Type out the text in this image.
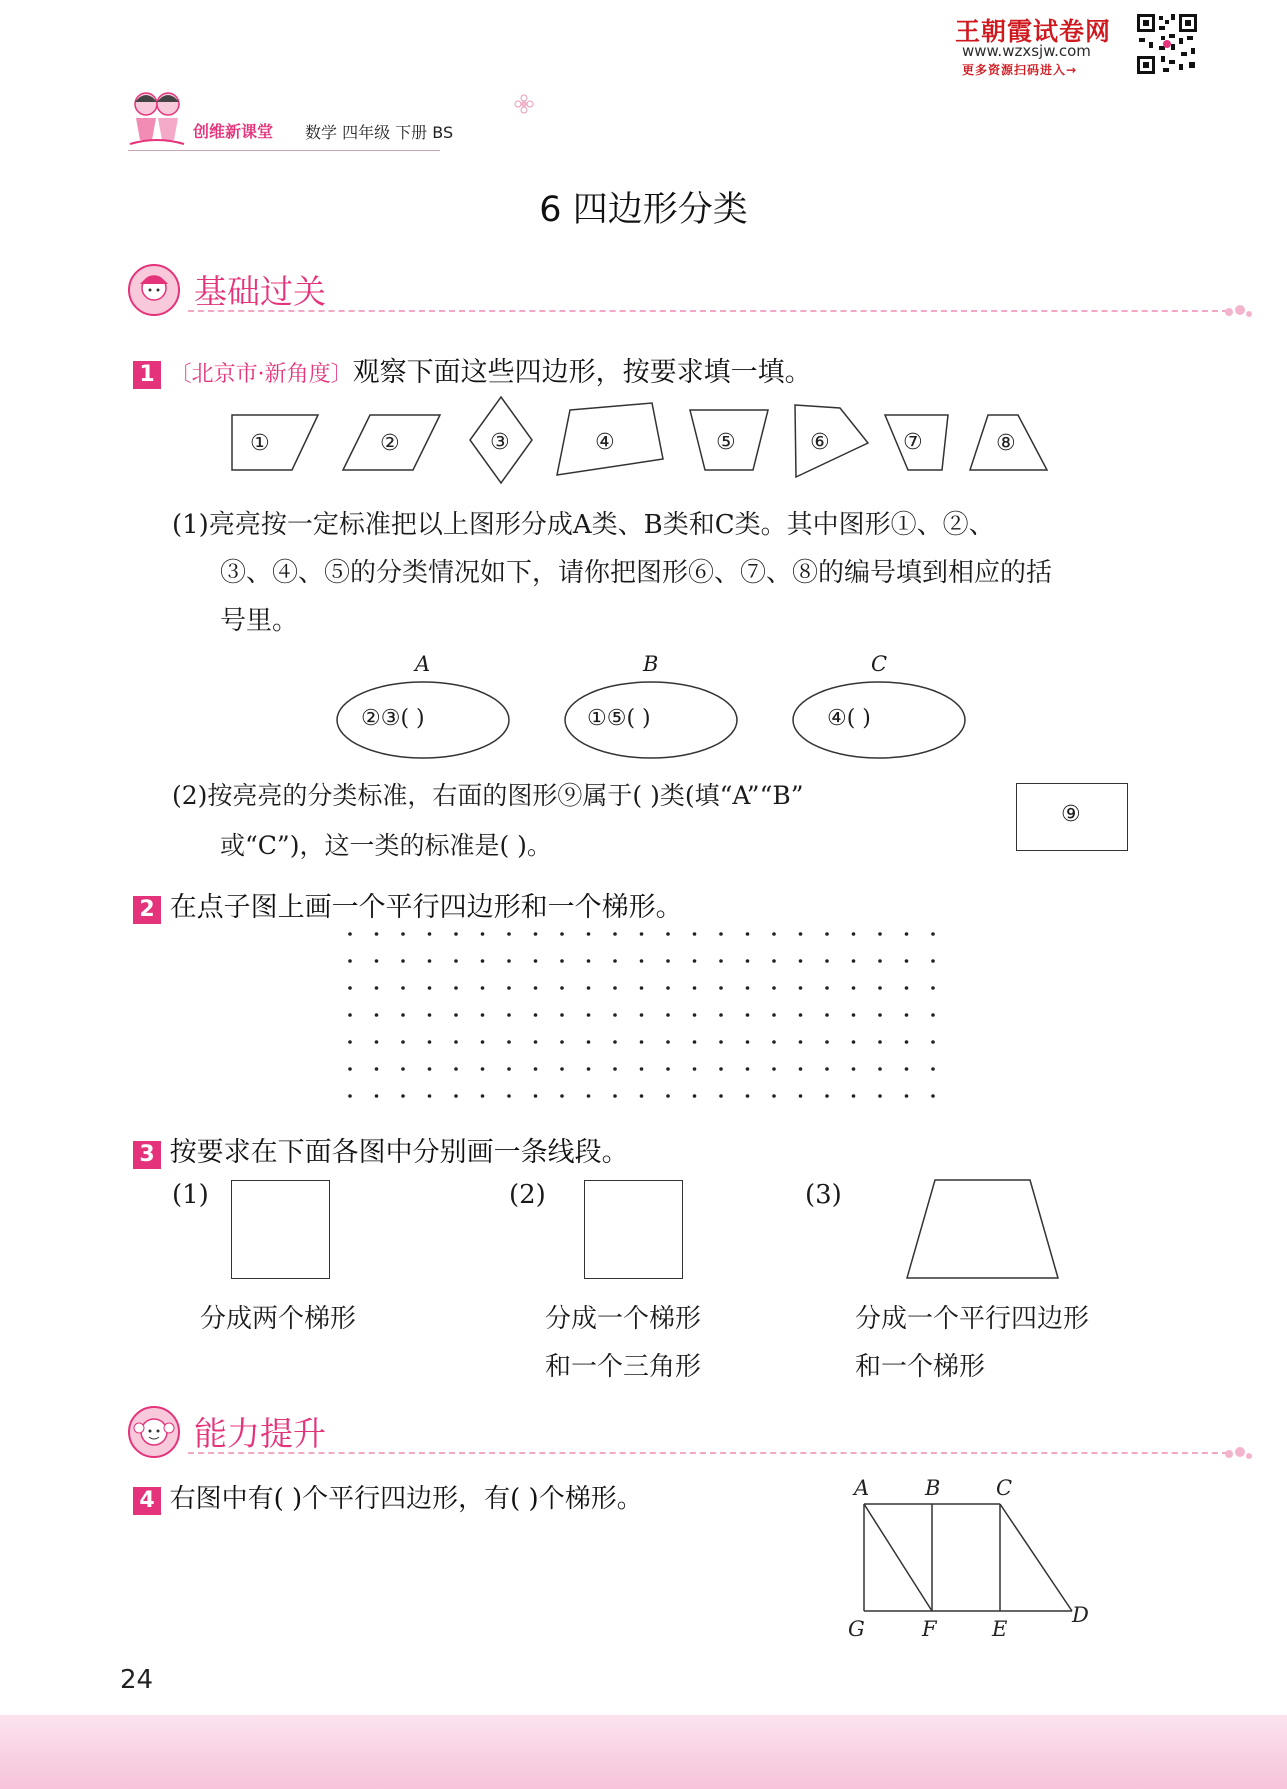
王朝霞试卷网
www.wzxsjw.com
更多资源扫码进入→
创维新课堂 数学 四年级 下册 BS
6 四边形分类
基础过关
1 〔北京市·新角度〕观察下面这些四边形，按要求填一填。
①	②	③	④	⑤	⑥	⑦	⑧
(1)亮亮按一定标准把以上图形分成A类、B类和C类。其中图形①、②、
③、④、⑤的分类情况如下，请你把图形⑥、⑦、⑧的编号填到相应的括
号里。
A
②③( )
B
①⑤( )
C
④( )
(2)按亮亮的分类标准，右面的图形⑨属于( )类(填“A”“B”
或“C”)，这一类的标准是( )。
⑨
2 在点子图上画一个平行四边形和一个梯形。
3 按要求在下面各图中分别画一条线段。
(1)
分成两个梯形
(2)
分成一个梯形
和一个三角形
(3)
分成一个平行四边形
和一个梯形
能力提升
4 右图中有( )个平行四边形，有( )个梯形。	A	B	C
D
E
F
G
24
